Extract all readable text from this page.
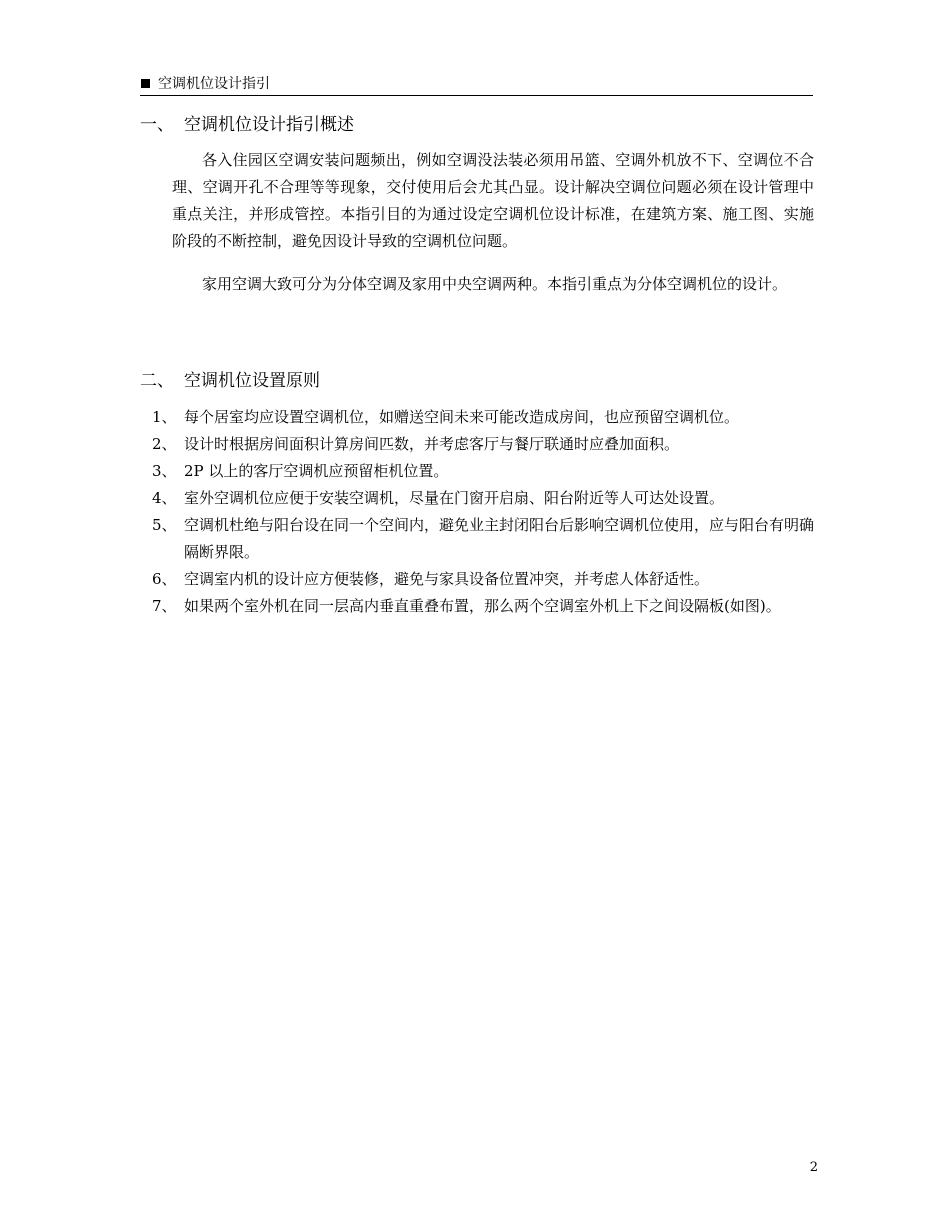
空调机位设计指引
一、 空调机位设计指引概述
各入住园区空调安装问题频出，例如空调没法装必须用吊篮、空调外机放不下、空调位不合理、空调开孔不合理等等现象，交付使用后会尤其凸显。设计解决空调位问题必须在设计管理中重点关注，并形成管控。本指引目的为通过设定空调机位设计标准，在建筑方案、施工图、实施阶段的不断控制，避免因设计导致的空调机位问题。
家用空调大致可分为分体空调及家用中央空调两种。本指引重点为分体空调机位的设计。
二、 空调机位设置原则
1、 每个居室均应设置空调机位，如赠送空间未来可能改造成房间，也应预留空调机位。
2、 设计时根据房间面积计算房间匹数，并考虑客厅与餐厅联通时应叠加面积。
3、 2P 以上的客厅空调机应预留柜机位置。
4、 室外空调机位应便于安装空调机，尽量在门窗开启扇、阳台附近等人可达处设置。
5、 空调机杜绝与阳台设在同一个空间内，避免业主封闭阳台后影响空调机位使用，应与阳台有明确隔断界限。
6、 空调室内机的设计应方便装修，避免与家具设备位置冲突，并考虑人体舒适性。
7、 如果两个室外机在同一层高内垂直重叠布置，那么两个空调室外机上下之间设隔板(如图)。
2
